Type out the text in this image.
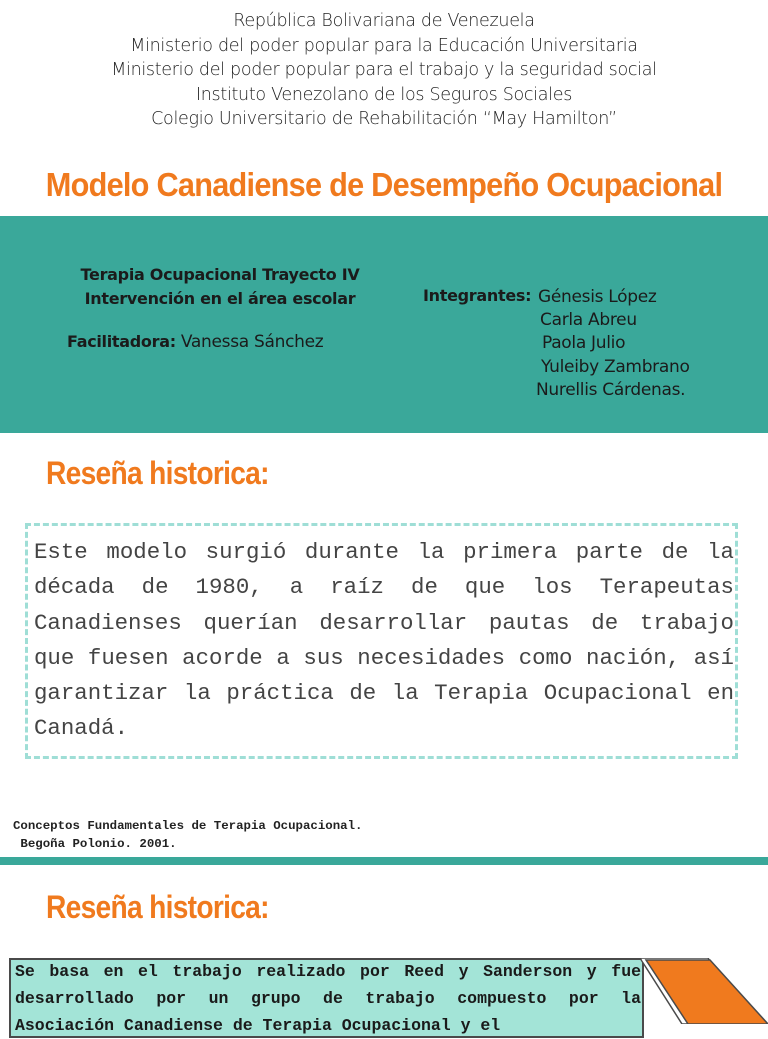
República Bolivariana de Venezuela
Ministerio del poder popular para la Educación Universitaria
Ministerio del poder popular para el trabajo y la seguridad social
Instituto Venezolano de los Seguros Sociales
Colegio Universitario de Rehabilitación “May Hamilton”
Modelo Canadiense de Desempeño Ocupacional
Terapia Ocupacional Trayecto IV
Intervención en el área escolar
Facilitadora: Vanessa Sánchez
Integrantes: Génesis López
Carla Abreu
Paola Julio
Yuleiby Zambrano
Nurellis Cárdenas.
Reseña historica:
Este modelo surgió durante la primera parte de la década de 1980, a raíz de que los Terapeutas Canadienses querían desarrollar pautas de trabajo que fuesen acorde a sus necesidades como nación, así garantizar la práctica de la Terapia Ocupacional en Canadá.
Conceptos Fundamentales de Terapia Ocupacional.
Begoña Polonio. 2001.
Reseña historica:
Se basa en el trabajo realizado por Reed y Sanderson y fue desarrollado por un grupo de trabajo compuesto por la Asociación Canadiense de Terapia Ocupacional y el
